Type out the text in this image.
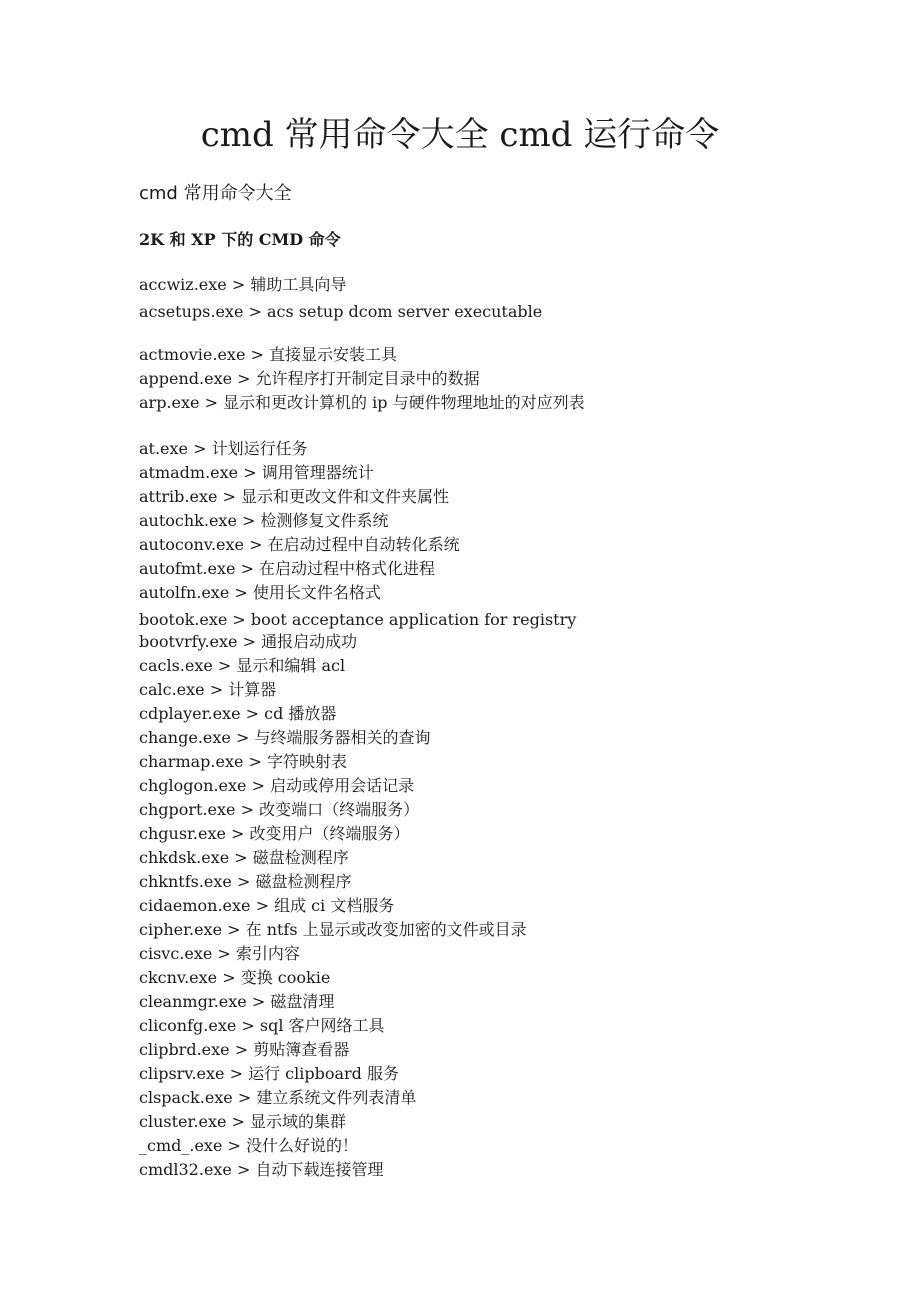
cmd 常用命令大全 cmd 运行命令
cmd 常用命令大全
2K 和 XP 下的 CMD 命令
accwiz.exe > 辅助工具向导
acsetups.exe > acs setup dcom server executable
actmovie.exe > 直接显示安装工具
append.exe > 允许程序打开制定目录中的数据
arp.exe > 显示和更改计算机的 ip 与硬件物理地址的对应列表
at.exe > 计划运行任务
atmadm.exe > 调用管理器统计
attrib.exe > 显示和更改文件和文件夹属性
autochk.exe > 检测修复文件系统
autoconv.exe > 在启动过程中自动转化系统
autofmt.exe > 在启动过程中格式化进程
autolfn.exe > 使用长文件名格式
bootok.exe > boot acceptance application for registry
bootvrfy.exe > 通报启动成功
cacls.exe > 显示和编辑 acl
calc.exe > 计算器
cdplayer.exe > cd 播放器
change.exe > 与终端服务器相关的查询
charmap.exe > 字符映射表
chglogon.exe > 启动或停用会话记录
chgport.exe > 改变端口（终端服务）
chgusr.exe > 改变用户（终端服务）
chkdsk.exe > 磁盘检测程序
chkntfs.exe > 磁盘检测程序
cidaemon.exe > 组成 ci 文档服务
cipher.exe > 在 ntfs 上显示或改变加密的文件或目录
cisvc.exe > 索引内容
ckcnv.exe > 变换 cookie
cleanmgr.exe > 磁盘清理
cliconfg.exe > sql 客户网络工具
clipbrd.exe > 剪贴簿查看器
clipsrv.exe > 运行 clipboard 服务
clspack.exe > 建立系统文件列表清单
cluster.exe > 显示域的集群
_cmd_.exe > 没什么好说的！
cmdl32.exe > 自动下载连接管理
